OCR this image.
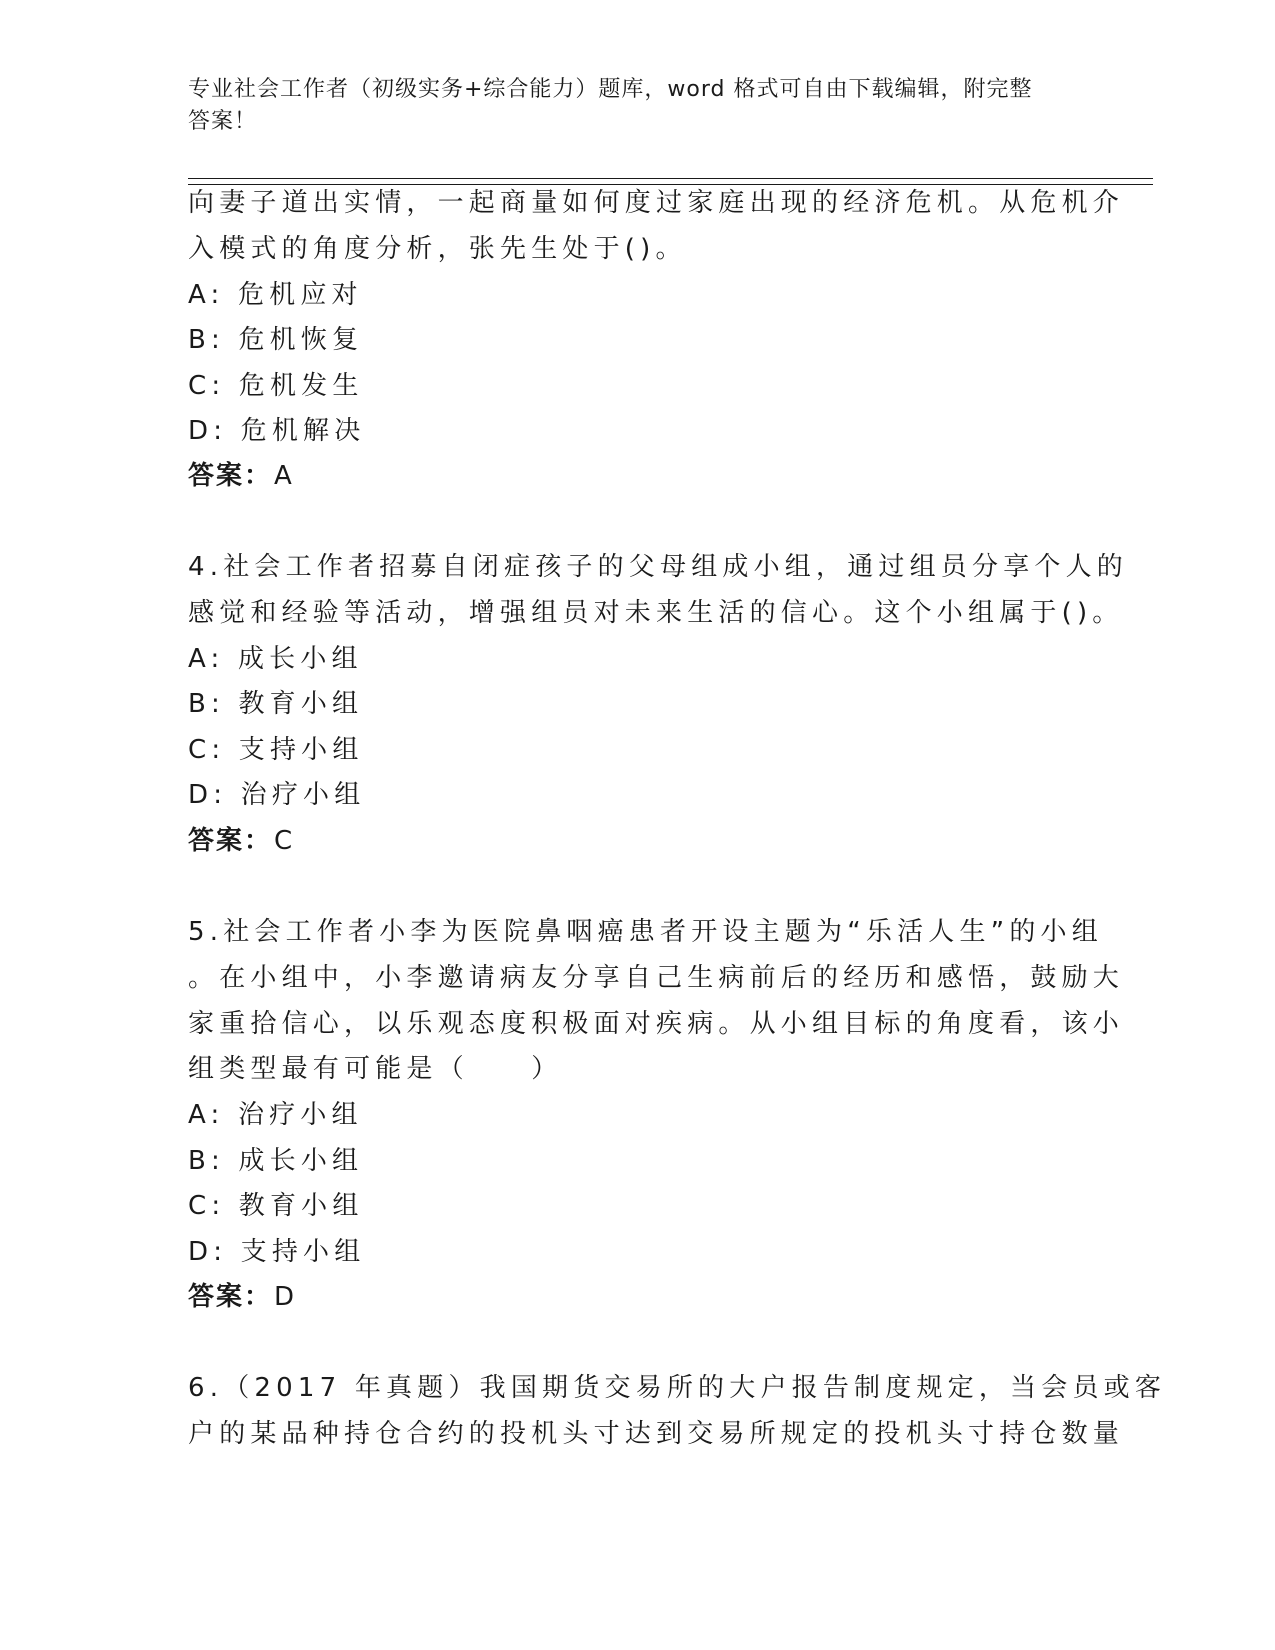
专业社会工作者（初级实务+综合能力）题库，word 格式可自由下载编辑，附完整
答案！
向妻子道出实情，一起商量如何度过家庭出现的经济危机。从危机介
入模式的角度分析，张先生处于()。
A: 危机应对
B: 危机恢复
C: 危机发生
D: 危机解决
答案：A
4.社会工作者招募自闭症孩子的父母组成小组，通过组员分享个人的
感觉和经验等活动，增强组员对未来生活的信心。这个小组属于()。
A: 成长小组
B: 教育小组
C: 支持小组
D: 治疗小组
答案：C
5.社会工作者小李为医院鼻咽癌患者开设主题为“乐活人生”的小组
。在小组中，小李邀请病友分享自己生病前后的经历和感悟，鼓励大
家重拾信心，以乐观态度积极面对疾病。从小组目标的角度看，该小
组类型最有可能是（　　）
A: 治疗小组
B: 成长小组
C: 教育小组
D: 支持小组
答案：D
6.（2017 年真题）我国期货交易所的大户报告制度规定，当会员或客
户的某品种持仓合约的投机头寸达到交易所规定的投机头寸持仓数量
